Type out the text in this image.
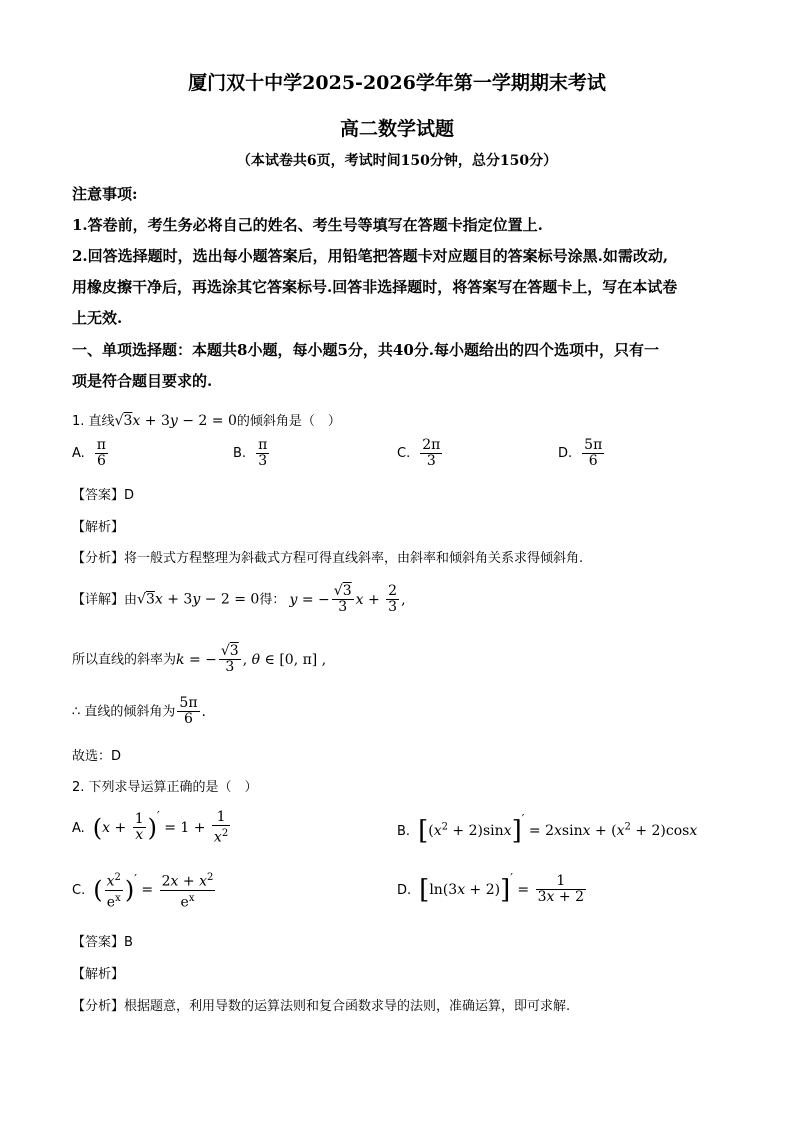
厦门双十中学2025-2026学年第一学期期末考试
高二数学试题
（本试卷共6页，考试时间150分钟，总分150分）
注意事项:
1.答卷前，考生务必将自己的姓名、考生号等填写在答题卡指定位置上.
2.回答选择题时，选出每小题答案后，用铅笔把答题卡对应题目的答案标号涂黑.如需改动,
用橡皮擦干净后，再选涂其它答案标号.回答非选择题时，将答案写在答题卡上，写在本试卷
上无效.
一、单项选择题：本题共8小题，每小题5分，共40分.每小题给出的四个选项中，只有一
项是符合题目要求的.
1. 直线√3x + 3y − 2 = 0的倾斜角是（　）
A. $\frac{\pi}{6}$	B. $\frac{\pi}{3}$	C. $\frac{2\pi}{3}$	D. $\frac{5\pi}{6}$
【答案】D
【解析】
【分析】将一般式方程整理为斜截式方程可得直线斜率，由斜率和倾斜角关系求得倾斜角.
【详解】由√3x + 3y − 2 = 0得： y = − $\frac{√3}{3}$ $x + \frac{2}{3}$ ,
所以直线的斜率为k = − $\frac{√3}{3}$ , θ ∈ [0, π] ,
∴ 直线的倾斜角为 $\frac{5\pi}{6}$ .
故选：D
2. 下列求导运算正确的是（　）
A. ($x + \frac{1}{x}$ )′ = $1 + \frac{1}{x^2}$	B. $[(x^2 + 2)\sin x]' = 2xsinx + (x^2 + 2)\cos x$
C. ( $\frac{x^2}{e^x}$ )′ = $\frac{2x + x^2}{e^x}$	D. $[\ln(3x + 2)]' = \frac{1}{3x + 2}$
【答案】B
【解析】
【分析】根据题意，利用导数的运算法则和复合函数求导的法则，准确运算，即可求解.
